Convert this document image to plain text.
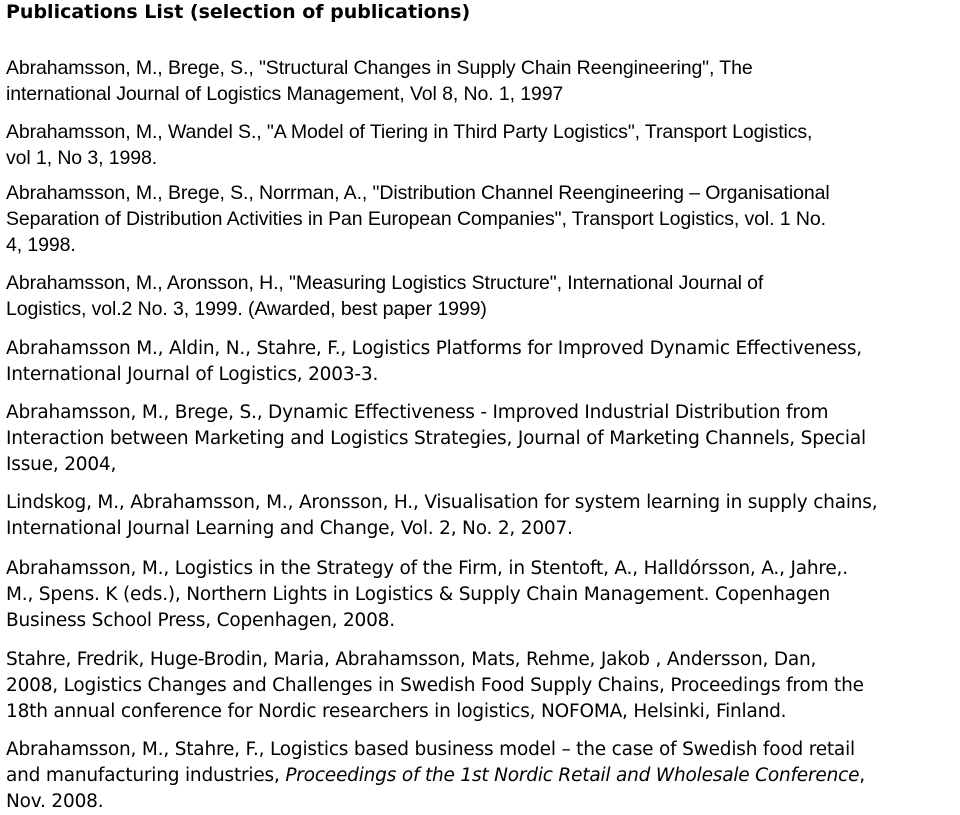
Publications List (selection of publications)
Abrahamsson, M., Brege, S., "Structural Changes in Supply Chain Reengineering", The
international Journal of Logistics Management, Vol 8, No. 1, 1997
Abrahamsson, M., Wandel S., "A Model of Tiering in Third Party Logistics", Transport Logistics,
vol 1, No 3, 1998.
Abrahamsson, M., Brege, S., Norrman, A., "Distribution Channel Reengineering – Organisational
Separation of Distribution Activities in Pan European Companies", Transport Logistics, vol. 1 No.
4, 1998.
Abrahamsson, M., Aronsson, H., "Measuring Logistics Structure", International Journal of
Logistics, vol.2 No. 3, 1999. (Awarded, best paper 1999)
Abrahamsson M., Aldin, N., Stahre, F., Logistics Platforms for Improved Dynamic Effectiveness,
International Journal of Logistics, 2003-3.
Abrahamsson, M., Brege, S., Dynamic Effectiveness - Improved Industrial Distribution from
Interaction between Marketing and Logistics Strategies, Journal of Marketing Channels, Special
Issue, 2004,
Lindskog, M., Abrahamsson, M., Aronsson, H., Visualisation for system learning in supply chains,
International Journal Learning and Change, Vol. 2, No. 2, 2007.
Abrahamsson, M., Logistics in the Strategy of the Firm, in Stentoft, A., Halldórsson, A., Jahre,.
M., Spens. K (eds.), Northern Lights in Logistics & Supply Chain Management. Copenhagen
Business School Press, Copenhagen, 2008.
Stahre, Fredrik, Huge-Brodin, Maria, Abrahamsson, Mats, Rehme, Jakob , Andersson, Dan,
2008, Logistics Changes and Challenges in Swedish Food Supply Chains, Proceedings from the
18th annual conference for Nordic researchers in logistics, NOFOMA, Helsinki, Finland.
Abrahamsson, M., Stahre, F., Logistics based business model – the case of Swedish food retail
and manufacturing industries, Proceedings of the 1st Nordic Retail and Wholesale Conference,
Nov. 2008.
